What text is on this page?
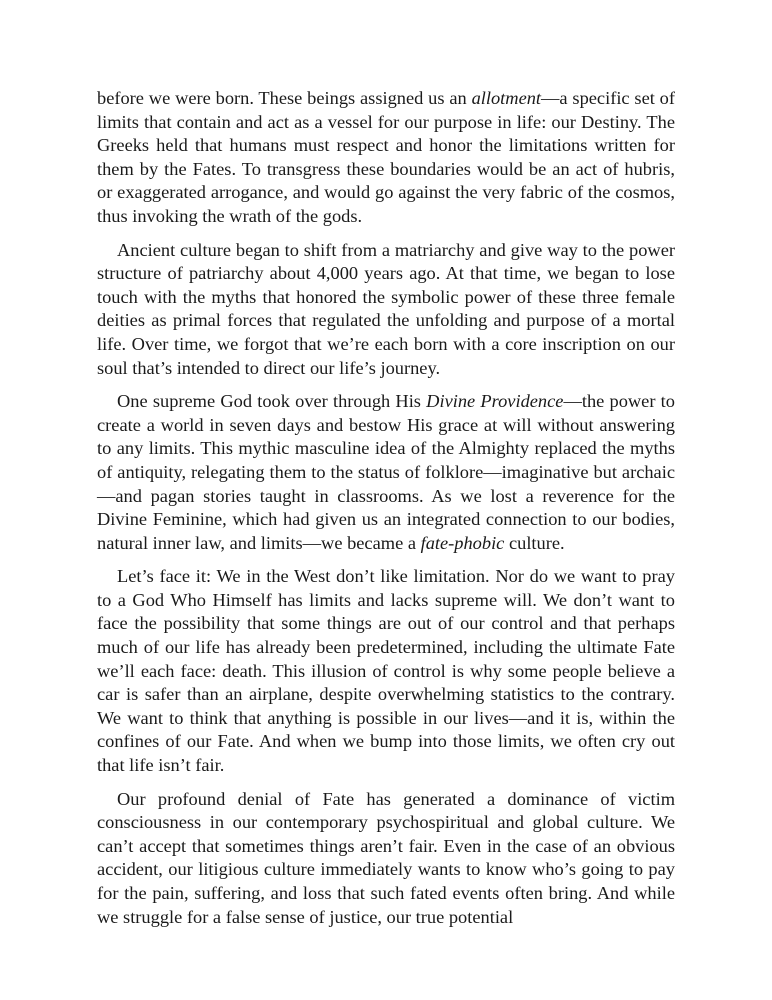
before we were born. These beings assigned us an allotment—a specific set of limits that contain and act as a vessel for our purpose in life: our Destiny. The Greeks held that humans must respect and honor the limitations written for them by the Fates. To transgress these boundaries would be an act of hubris, or exaggerated arrogance, and would go against the very fabric of the cosmos, thus invoking the wrath of the gods.

Ancient culture began to shift from a matriarchy and give way to the power structure of patriarchy about 4,000 years ago. At that time, we began to lose touch with the myths that honored the symbolic power of these three female deities as primal forces that regulated the unfolding and purpose of a mortal life. Over time, we forgot that we’re each born with a core inscription on our soul that’s intended to direct our life’s journey.

One supreme God took over through His Divine Providence—the power to create a world in seven days and bestow His grace at will without answering to any limits. This mythic masculine idea of the Almighty replaced the myths of antiquity, relegating them to the status of folklore—imaginative but archaic—and pagan stories taught in classrooms. As we lost a reverence for the Divine Feminine, which had given us an integrated connection to our bodies, natural inner law, and limits—we became a fate-phobic culture.

Let’s face it: We in the West don’t like limitation. Nor do we want to pray to a God Who Himself has limits and lacks supreme will. We don’t want to face the possibility that some things are out of our control and that perhaps much of our life has already been predetermined, including the ultimate Fate we’ll each face: death. This illusion of control is why some people believe a car is safer than an airplane, despite overwhelming statistics to the contrary. We want to think that anything is possible in our lives—and it is, within the confines of our Fate. And when we bump into those limits, we often cry out that life isn’t fair.

Our profound denial of Fate has generated a dominance of victim consciousness in our contemporary psychospiritual and global culture. We can’t accept that sometimes things aren’t fair. Even in the case of an obvious accident, our litigious culture immediately wants to know who’s going to pay for the pain, suffering, and loss that such fated events often bring. And while we struggle for a false sense of justice, our true potential
